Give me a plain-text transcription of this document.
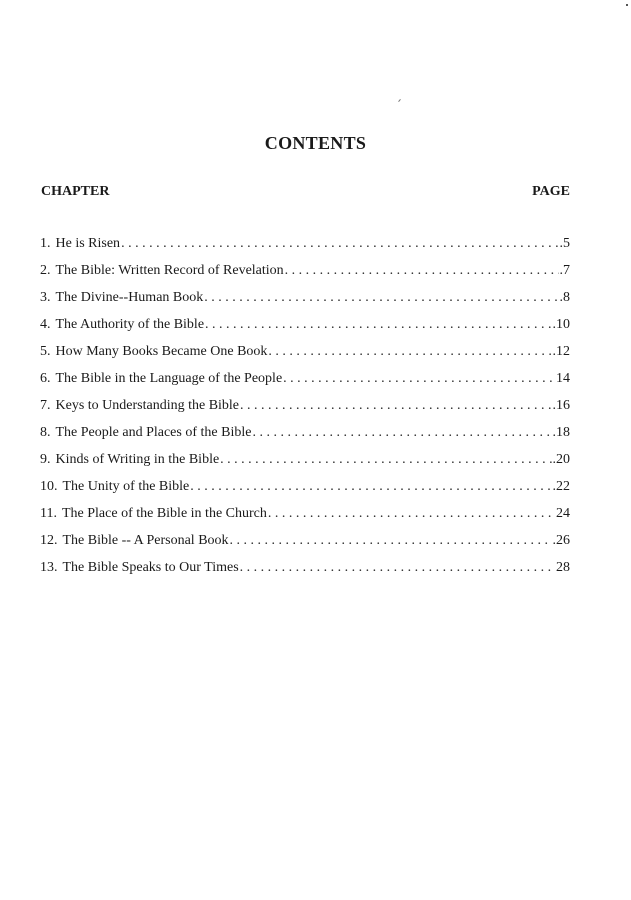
CONTENTS
CHAPTER	PAGE
1. He is Risen . . .	.5
2. The Bible: Written Record of Revelation . . .	.7
3. The Divine--Human Book . . .	.8
4. The Authority of the Bible . . .	.10
5. How Many Books Became One Book . . .	.12
6. The Bible in the Language of the People . . .	14
7. Keys to Understanding the Bible . . .	.16
8. The People and Places of the Bible . . .	.18
9. Kinds of Writing in the Bible . . .	.20
10. The Unity of the Bible . . .	.22
11. The Place of the Bible in the Church . . .	24
12. The Bible -- A Personal Book . . .	.26
13. The Bible Speaks to Our Times . . .	28
